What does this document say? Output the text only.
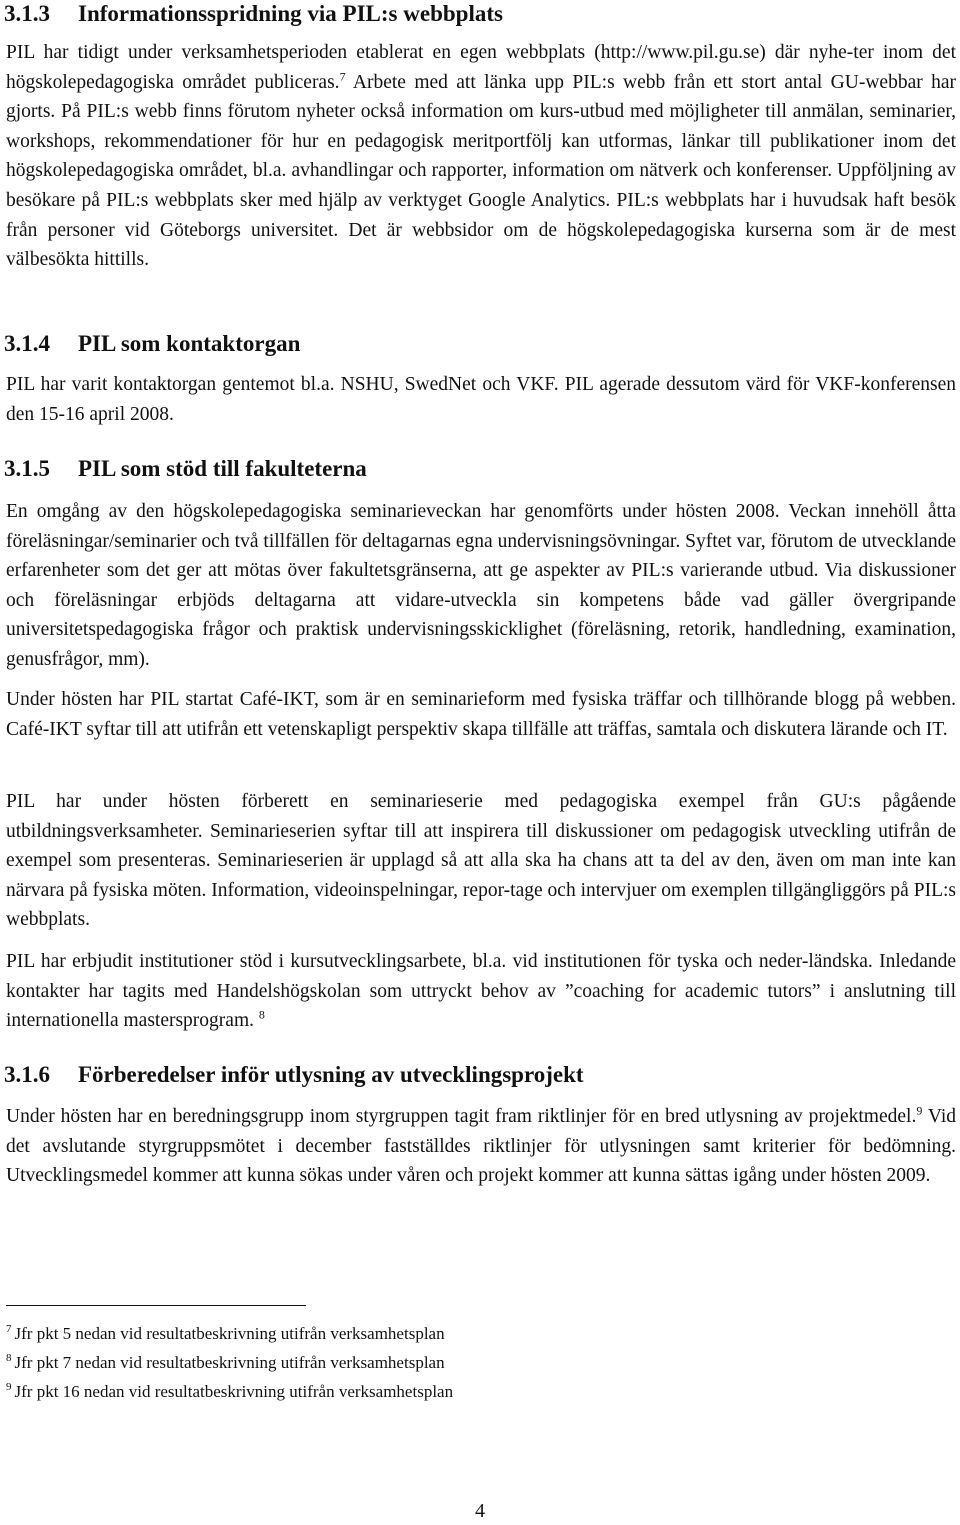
3.1.3 Informationsspridning via PIL:s webbplats

PIL har tidigt under verksamhetsperioden etablerat en egen webbplats (http://www.pil.gu.se) där nyhe-ter inom det högskolepedagogiska området publiceras.$^7$ Arbete med att länka upp PIL:s webb från ett stort antal GU-webbar har gjorts. På PIL:s webb finns förutom nyheter också information om kurs-utbud med möjligheter till anmälan, seminarier, workshops, rekommendationer för hur en pedagogisk meritportfölj kan utformas, länkar till publikationer inom det högskolepedagogiska området, bl.a. avhandlingar och rapporter, information om nätverk och konferenser. Uppföljning av besökare på PIL:s webbplats sker med hjälp av verktyget Google Analytics. PIL:s webbplats har i huvudsak haft besök från personer vid Göteborgs universitet. Det är webbsidor om de högskolepedagogiska kurserna som är de mest välbesökta hittills.

3.1.4 PIL som kontaktorgan

PIL har varit kontaktorgan gentemot bl.a. NSHU, SwedNet och VKF. PIL agerade dessutom värd för VKF-konferensen den 15-16 april 2008.

3.1.5 PIL som stöd till fakulteterna

En omgång av den högskolepedagogiska seminarieveckan har genomförts under hösten 2008. Veckan innehöll åtta föreläsningar/seminarier och två tillfällen för deltagarnas egna undervisningsövningar. Syftet var, förutom de utvecklande erfarenheter som det ger att mötas över fakultetsgränserna, att ge aspekter av PIL:s varierande utbud. Via diskussioner och föreläsningar erbjöds deltagarna att vidare-utveckla sin kompetens både vad gäller övergripande universitetspedagogiska frågor och praktisk undervisningsskicklighet (föreläsning, retorik, handledning, examination, genusfrågor, mm).

Under hösten har PIL startat Café-IKT, som är en seminarieform med fysiska träffar och tillhörande blogg på webben. Café-IKT syftar till att utifrån ett vetenskapligt perspektiv skapa tillfälle att träffas, samtala och diskutera lärande och IT.

PIL har under hösten förberett en seminarieserie med pedagogiska exempel från GU:s pågående utbildningsverksamheter. Seminarieserien syftar till att inspirera till diskussioner om pedagogisk utveckling utifrån de exempel som presenteras. Seminarieserien är upplagd så att alla ska ha chans att ta del av den, även om man inte kan närvara på fysiska möten. Information, videoinspelningar, repor-tage och intervjuer om exemplen tillgängliggörs på PIL:s webbplats.

PIL har erbjudit institutioner stöd i kursutvecklingsarbete, bl.a. vid institutionen för tyska och neder-ländska. Inledande kontakter har tagits med Handelshögskolan som uttryckt behov av ”coaching for academic tutors” i anslutning till internationella mastersprogram. $^8$

3.1.6 Förberedelser inför utlysning av utvecklingsprojekt

Under hösten har en beredningsgrupp inom styrgruppen tagit fram riktlinjer för en bred utlysning av projektmedel.$^9$ Vid det avslutande styrgruppsmötet i december fastställdes riktlinjer för utlysningen samt kriterier för bedömning. Utvecklingsmedel kommer att kunna sökas under våren och projekt kommer att kunna sättas igång under hösten 2009.

$^7$ Jfr pkt 5 nedan vid resultatbeskrivning utifrån verksamhetsplan
$^8$ Jfr pkt 7 nedan vid resultatbeskrivning utifrån verksamhetsplan
$^9$ Jfr pkt 16 nedan vid resultatbeskrivning utifrån verksamhetsplan
4
